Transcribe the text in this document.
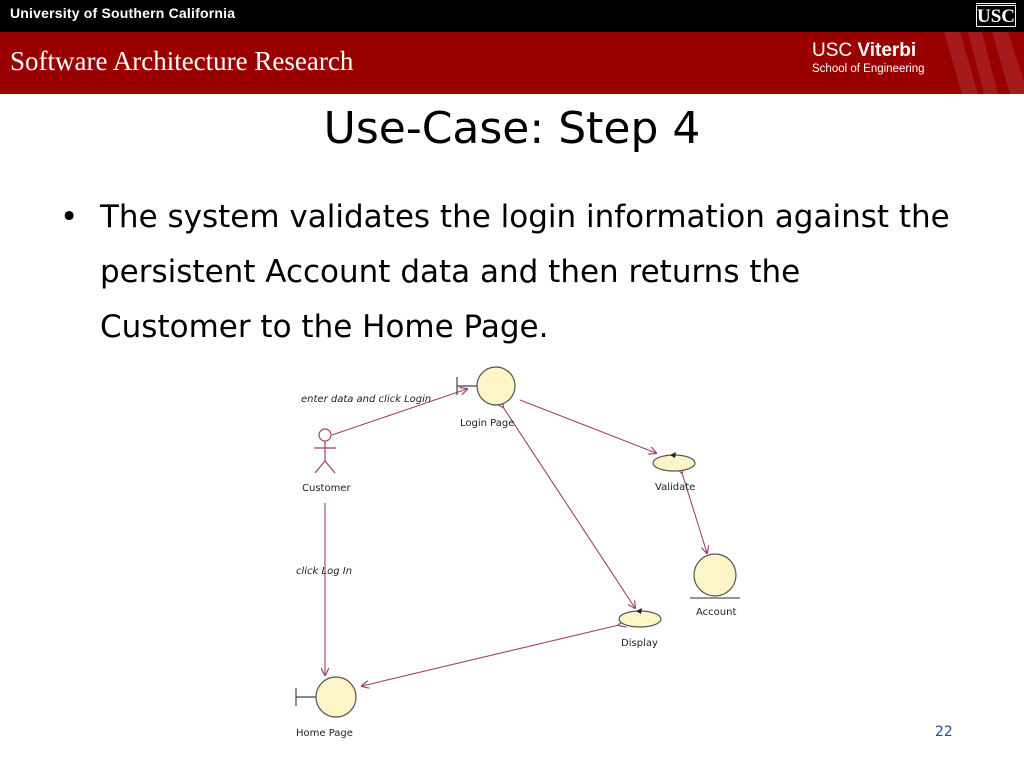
University of Southern California	USC
Software Architecture Research	USC Viterbi
School of Engineering
Use-Case: Step 4
• The system validates the login information against the persistent Account data and then returns the Customer to the Home Page.
enter data and click Login
click Log In
Customer
Login Page
Validate
Account
Display
Home Page	22
